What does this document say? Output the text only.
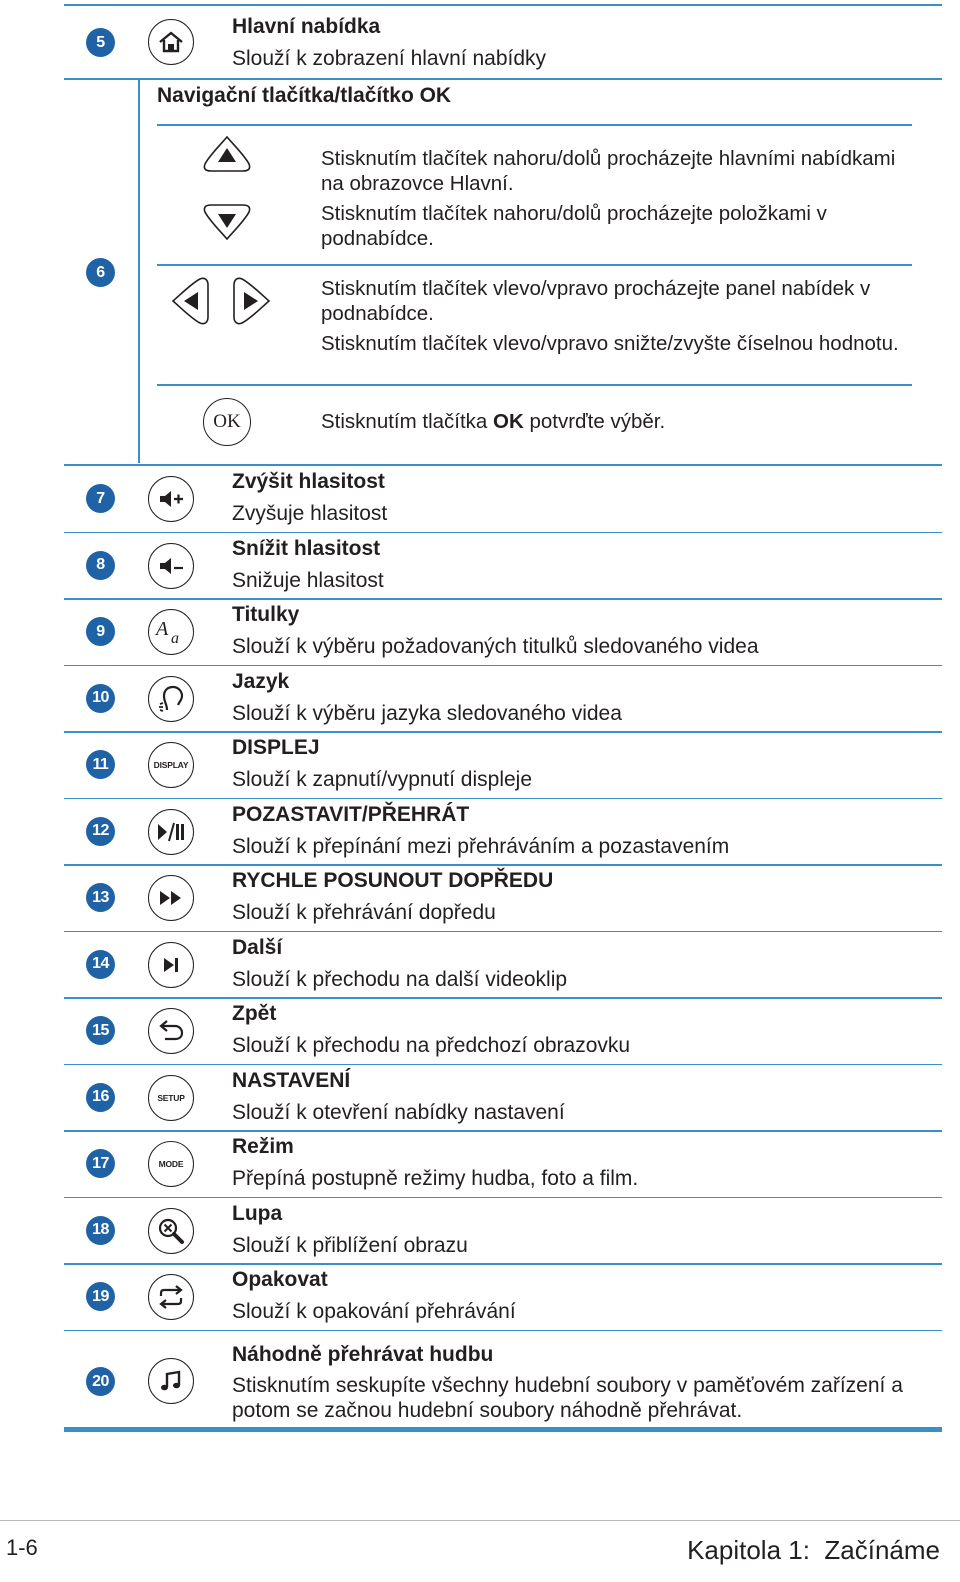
5
Hlavní nabídka
Slouží k zobrazení hlavní nabídky
6
Navigační tlačítka/tlačítko OK
Stisknutím tlačítek nahoru/dolů procházejte hlavními nabídkami na obrazovce Hlavní.
Stisknutím tlačítek nahoru/dolů procházejte položkami v podnabídce.
Stisknutím tlačítek vlevo/vpravo procházejte panel nabídek v podnabídce.
Stisknutím tlačítek vlevo/vpravo snižte/zvyšte číselnou hodnotu.
OK	Stisknutím tlačítka OK potvrďte výběr.
7
Zvýšit hlasitost
Zvyšuje hlasitost
8
Snížit hlasitost
Snižuje hlasitost
9	A a
Titulky
Slouží k výběru požadovaných titulků sledovaného videa
10
Jazyk
Slouží k výběru jazyka sledovaného videa
11	DISPLAY
DISPLEJ
Slouží k zapnutí/vypnutí displeje
12
POZASTAVIT/PŘEHRÁT
Slouží k přepínání mezi přehráváním a pozastavením
13
RYCHLE POSUNOUT DOPŘEDU
Slouží k přehrávání dopředu
14
Další
Slouží k přechodu na další videoklip
15
Zpět
Slouží k přechodu na předchozí obrazovku
16	SETUP
NASTAVENÍ
Slouží k otevření nabídky nastavení
17	MODE
Režim
Přepíná postupně režimy hudba, foto a film.
18
Lupa
Slouží k přiblížení obrazu
19
Opakovat
Slouží k opakování přehrávání
20
Náhodně přehrávat hudbu
Stisknutím seskupíte všechny hudební soubory v paměťovém zařízení a
potom se začnou hudební soubory náhodně přehrávat.
1-6	Kapitola 1:  Začínáme
